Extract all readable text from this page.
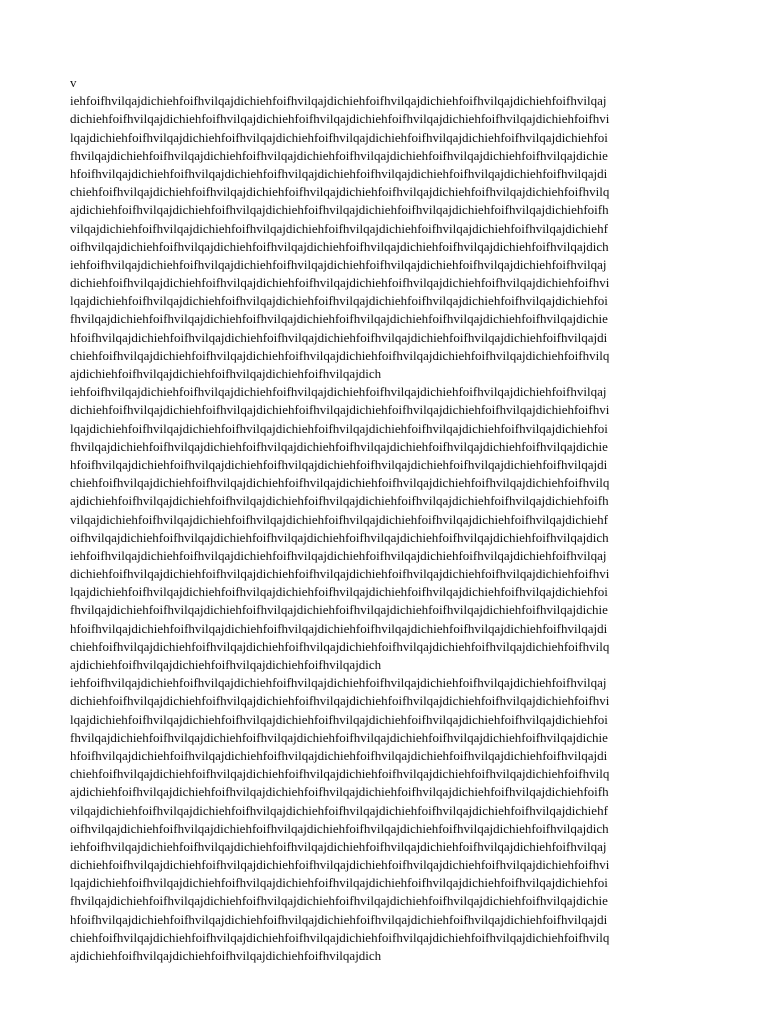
v
iehfoifhvilqajdichiehfoifhvilqajdichiehfoifhvilqajdichiehfoifhvilqajdichiehfoifhvilqajdichiehfoifhvilqaj
dichiehfoifhvilqajdichiehfoifhvilqajdichiehfoifhvilqajdichiehfoifhvilqajdichiehfoifhvilqajdichiehfoifhvi
lqajdichiehfoifhvilqajdichiehfoifhvilqajdichiehfoifhvilqajdichiehfoifhvilqajdichiehfoifhvilqajdichiehfoi
fhvilqajdichiehfoifhvilqajdichiehfoifhvilqajdichiehfoifhvilqajdichiehfoifhvilqajdichiehfoifhvilqajdichie
hfoifhvilqajdichiehfoifhvilqajdichiehfoifhvilqajdichiehfoifhvilqajdichiehfoifhvilqajdichiehfoifhvilqajdi
chiehfoifhvilqajdichiehfoifhvilqajdichiehfoifhvilqajdichiehfoifhvilqajdichiehfoifhvilqajdichiehfoifhvilq
ajdichiehfoifhvilqajdichiehfoifhvilqajdichiehfoifhvilqajdichiehfoifhvilqajdichiehfoifhvilqajdichiehfoifh
vilqajdichiehfoifhvilqajdichiehfoifhvilqajdichiehfoifhvilqajdichiehfoifhvilqajdichiehfoifhvilqajdichiehf
oifhvilqajdichiehfoifhvilqajdichiehfoifhvilqajdichiehfoifhvilqajdichiehfoifhvilqajdichiehfoifhvilqajdich
iehfoifhvilqajdichiehfoifhvilqajdichiehfoifhvilqajdichiehfoifhvilqajdichiehfoifhvilqajdichiehfoifhvilqaj
dichiehfoifhvilqajdichiehfoifhvilqajdichiehfoifhvilqajdichiehfoifhvilqajdichiehfoifhvilqajdichiehfoifhvi
lqajdichiehfoifhvilqajdichiehfoifhvilqajdichiehfoifhvilqajdichiehfoifhvilqajdichiehfoifhvilqajdichiehfoi
fhvilqajdichiehfoifhvilqajdichiehfoifhvilqajdichiehfoifhvilqajdichiehfoifhvilqajdichiehfoifhvilqajdichie
hfoifhvilqajdichiehfoifhvilqajdichiehfoifhvilqajdichiehfoifhvilqajdichiehfoifhvilqajdichiehfoifhvilqajdi
chiehfoifhvilqajdichiehfoifhvilqajdichiehfoifhvilqajdichiehfoifhvilqajdichiehfoifhvilqajdichiehfoifhvilq
ajdichiehfoifhvilqajdichiehfoifhvilqajdichiehfoifhvilqajdich
iehfoifhvilqajdichiehfoifhvilqajdichiehfoifhvilqajdichiehfoifhvilqajdichiehfoifhvilqajdichiehfoifhvilqaj
dichiehfoifhvilqajdichiehfoifhvilqajdichiehfoifhvilqajdichiehfoifhvilqajdichiehfoifhvilqajdichiehfoifhvi
lqajdichiehfoifhvilqajdichiehfoifhvilqajdichiehfoifhvilqajdichiehfoifhvilqajdichiehfoifhvilqajdichiehfoi
fhvilqajdichiehfoifhvilqajdichiehfoifhvilqajdichiehfoifhvilqajdichiehfoifhvilqajdichiehfoifhvilqajdichie
hfoifhvilqajdichiehfoifhvilqajdichiehfoifhvilqajdichiehfoifhvilqajdichiehfoifhvilqajdichiehfoifhvilqajdi
chiehfoifhvilqajdichiehfoifhvilqajdichiehfoifhvilqajdichiehfoifhvilqajdichiehfoifhvilqajdichiehfoifhvilq
ajdichiehfoifhvilqajdichiehfoifhvilqajdichiehfoifhvilqajdichiehfoifhvilqajdichiehfoifhvilqajdichiehfoifh
vilqajdichiehfoifhvilqajdichiehfoifhvilqajdichiehfoifhvilqajdichiehfoifhvilqajdichiehfoifhvilqajdichiehf
oifhvilqajdichiehfoifhvilqajdichiehfoifhvilqajdichiehfoifhvilqajdichiehfoifhvilqajdichiehfoifhvilqajdich
iehfoifhvilqajdichiehfoifhvilqajdichiehfoifhvilqajdichiehfoifhvilqajdichiehfoifhvilqajdichiehfoifhvilqaj
dichiehfoifhvilqajdichiehfoifhvilqajdichiehfoifhvilqajdichiehfoifhvilqajdichiehfoifhvilqajdichiehfoifhvi
lqajdichiehfoifhvilqajdichiehfoifhvilqajdichiehfoifhvilqajdichiehfoifhvilqajdichiehfoifhvilqajdichiehfoi
fhvilqajdichiehfoifhvilqajdichiehfoifhvilqajdichiehfoifhvilqajdichiehfoifhvilqajdichiehfoifhvilqajdichie
hfoifhvilqajdichiehfoifhvilqajdichiehfoifhvilqajdichiehfoifhvilqajdichiehfoifhvilqajdichiehfoifhvilqajdi
chiehfoifhvilqajdichiehfoifhvilqajdichiehfoifhvilqajdichiehfoifhvilqajdichiehfoifhvilqajdichiehfoifhvilq
ajdichiehfoifhvilqajdichiehfoifhvilqajdichiehfoifhvilqajdich
iehfoifhvilqajdichiehfoifhvilqajdichiehfoifhvilqajdichiehfoifhvilqajdichiehfoifhvilqajdichiehfoifhvilqaj
dichiehfoifhvilqajdichiehfoifhvilqajdichiehfoifhvilqajdichiehfoifhvilqajdichiehfoifhvilqajdichiehfoifhvi
lqajdichiehfoifhvilqajdichiehfoifhvilqajdichiehfoifhvilqajdichiehfoifhvilqajdichiehfoifhvilqajdichiehfoi
fhvilqajdichiehfoifhvilqajdichiehfoifhvilqajdichiehfoifhvilqajdichiehfoifhvilqajdichiehfoifhvilqajdichie
hfoifhvilqajdichiehfoifhvilqajdichiehfoifhvilqajdichiehfoifhvilqajdichiehfoifhvilqajdichiehfoifhvilqajdi
chiehfoifhvilqajdichiehfoifhvilqajdichiehfoifhvilqajdichiehfoifhvilqajdichiehfoifhvilqajdichiehfoifhvilq
ajdichiehfoifhvilqajdichiehfoifhvilqajdichiehfoifhvilqajdichiehfoifhvilqajdichiehfoifhvilqajdichiehfoifh
vilqajdichiehfoifhvilqajdichiehfoifhvilqajdichiehfoifhvilqajdichiehfoifhvilqajdichiehfoifhvilqajdichiehf
oifhvilqajdichiehfoifhvilqajdichiehfoifhvilqajdichiehfoifhvilqajdichiehfoifhvilqajdichiehfoifhvilqajdich
iehfoifhvilqajdichiehfoifhvilqajdichiehfoifhvilqajdichiehfoifhvilqajdichiehfoifhvilqajdichiehfoifhvilqaj
dichiehfoifhvilqajdichiehfoifhvilqajdichiehfoifhvilqajdichiehfoifhvilqajdichiehfoifhvilqajdichiehfoifhvi
lqajdichiehfoifhvilqajdichiehfoifhvilqajdichiehfoifhvilqajdichiehfoifhvilqajdichiehfoifhvilqajdichiehfoi
fhvilqajdichiehfoifhvilqajdichiehfoifhvilqajdichiehfoifhvilqajdichiehfoifhvilqajdichiehfoifhvilqajdichie
hfoifhvilqajdichiehfoifhvilqajdichiehfoifhvilqajdichiehfoifhvilqajdichiehfoifhvilqajdichiehfoifhvilqajdi
chiehfoifhvilqajdichiehfoifhvilqajdichiehfoifhvilqajdichiehfoifhvilqajdichiehfoifhvilqajdichiehfoifhvilq
ajdichiehfoifhvilqajdichiehfoifhvilqajdichiehfoifhvilqajdich
